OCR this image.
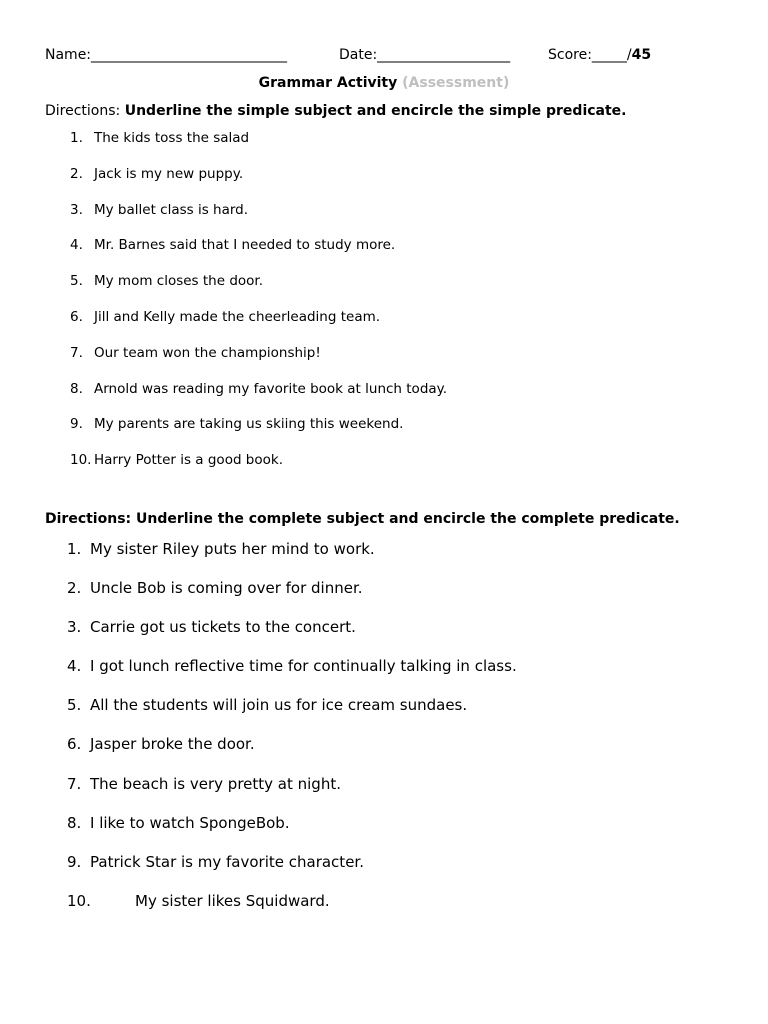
Name:____________________________	Date:___________________	Score:_____/45
Grammar Activity (Assessment)
Directions: Underline the simple subject and encircle the simple predicate.
1. The kids toss the salad
2. Jack is my new puppy.
3. My ballet class is hard.
4. Mr. Barnes said that I needed to study more.
5. My mom closes the door.
6. Jill and Kelly made the cheerleading team.
7. Our team won the championship!
8. Arnold was reading my favorite book at lunch today.
9. My parents are taking us skiing this weekend.
10. Harry Potter is a good book.
Directions: Underline the complete subject and encircle the complete predicate.
1. My sister Riley puts her mind to work.
2. Uncle Bob is coming over for dinner.
3. Carrie got us tickets to the concert.
4. I got lunch reflective time for continually talking in class.
5. All the students will join us for ice cream sundaes.
6. Jasper broke the door.
7. The beach is very pretty at night.
8. I like to watch SpongeBob.
9. Patrick Star is my favorite character.
10.	My sister likes Squidward.
